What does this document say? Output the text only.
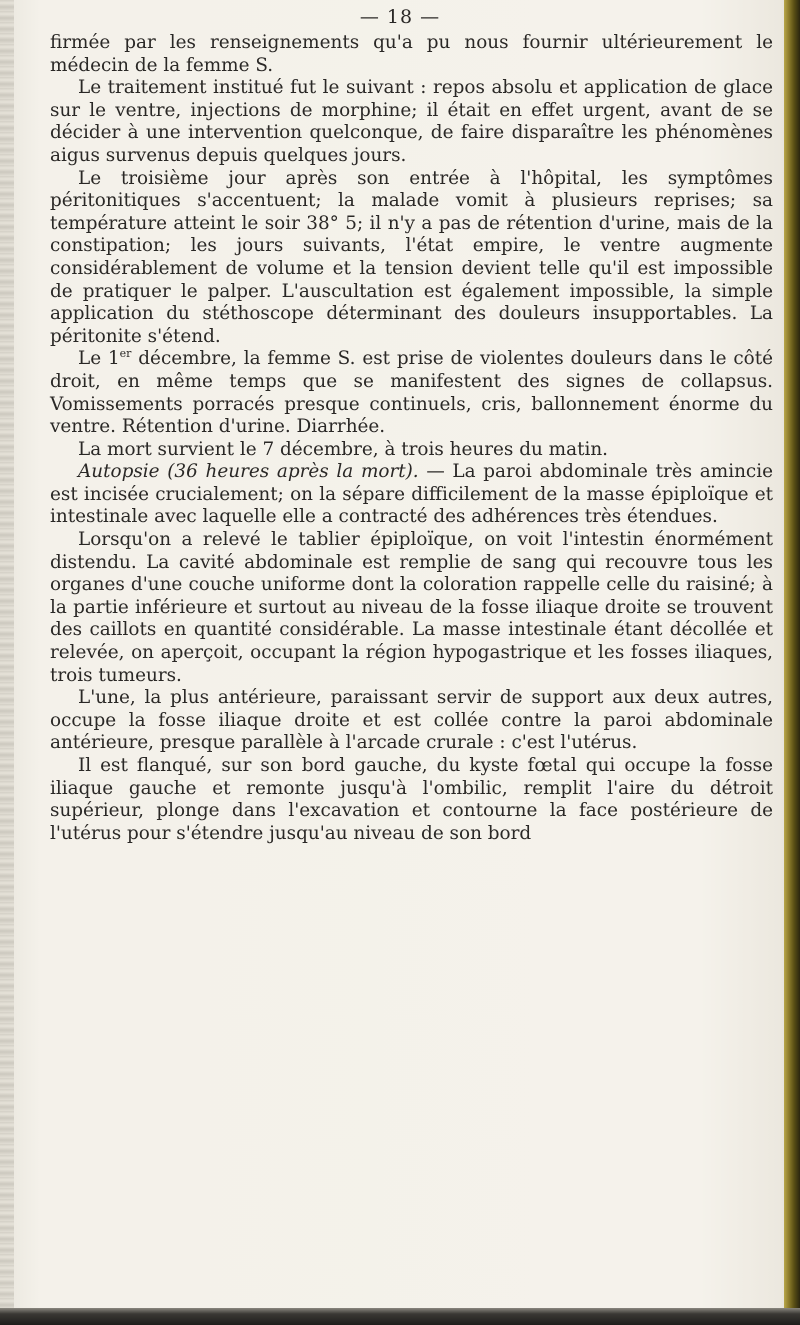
— 18 —

firmée par les renseignements qu'a pu nous fournir ultérieurement le médecin de la femme S.

Le traitement institué fut le suivant : repos absolu et application de glace sur le ventre, injections de morphine; il était en effet urgent, avant de se décider à une intervention quelconque, de faire disparaître les phénomènes aigus survenus depuis quelques jours.

Le troisième jour après son entrée à l'hôpital, les symptômes péritonitiques s'accentuent; la malade vomit à plusieurs reprises; sa température atteint le soir 38° 5; il n'y a pas de rétention d'urine, mais de la constipation; les jours suivants, l'état empire, le ventre augmente considérablement de volume et la tension devient telle qu'il est impossible de pratiquer le palper. L'auscultation est également impossible, la simple application du stéthoscope déterminant des douleurs insupportables. La péritonite s'étend.

Le 1er décembre, la femme S. est prise de violentes douleurs dans le côté droit, en même temps que se manifestent des signes de collapsus. Vomissements porracés presque continuels, cris, ballonnement énorme du ventre. Rétention d'urine. Diarrhée.

La mort survient le 7 décembre, à trois heures du matin.

Autopsie (36 heures après la mort). — La paroi abdominale très amincie est incisée crucialement; on la sépare difficilement de la masse épiploïque et intestinale avec laquelle elle a contracté des adhérences très étendues.

Lorsqu'on a relevé le tablier épiploïque, on voit l'intestin énormément distendu. La cavité abdominale est remplie de sang qui recouvre tous les organes d'une couche uniforme dont la coloration rappelle celle du raisiné; à la partie inférieure et surtout au niveau de la fosse iliaque droite se trouvent des caillots en quantité considérable. La masse intestinale étant décollée et relevée, on aperçoit, occupant la région hypogastrique et les fosses iliaques, trois tumeurs.

L'une, la plus antérieure, paraissant servir de support aux deux autres, occupe la fosse iliaque droite et est collée contre la paroi abdominale antérieure, presque parallèle à l'arcade crurale : c'est l'utérus.

Il est flanqué, sur son bord gauche, du kyste fœtal qui occupe la fosse iliaque gauche et remonte jusqu'à l'ombilic, remplit l'aire du détroit supérieur, plonge dans l'excavation et contourne la face postérieure de l'utérus pour s'étendre jusqu'au niveau de son bord
